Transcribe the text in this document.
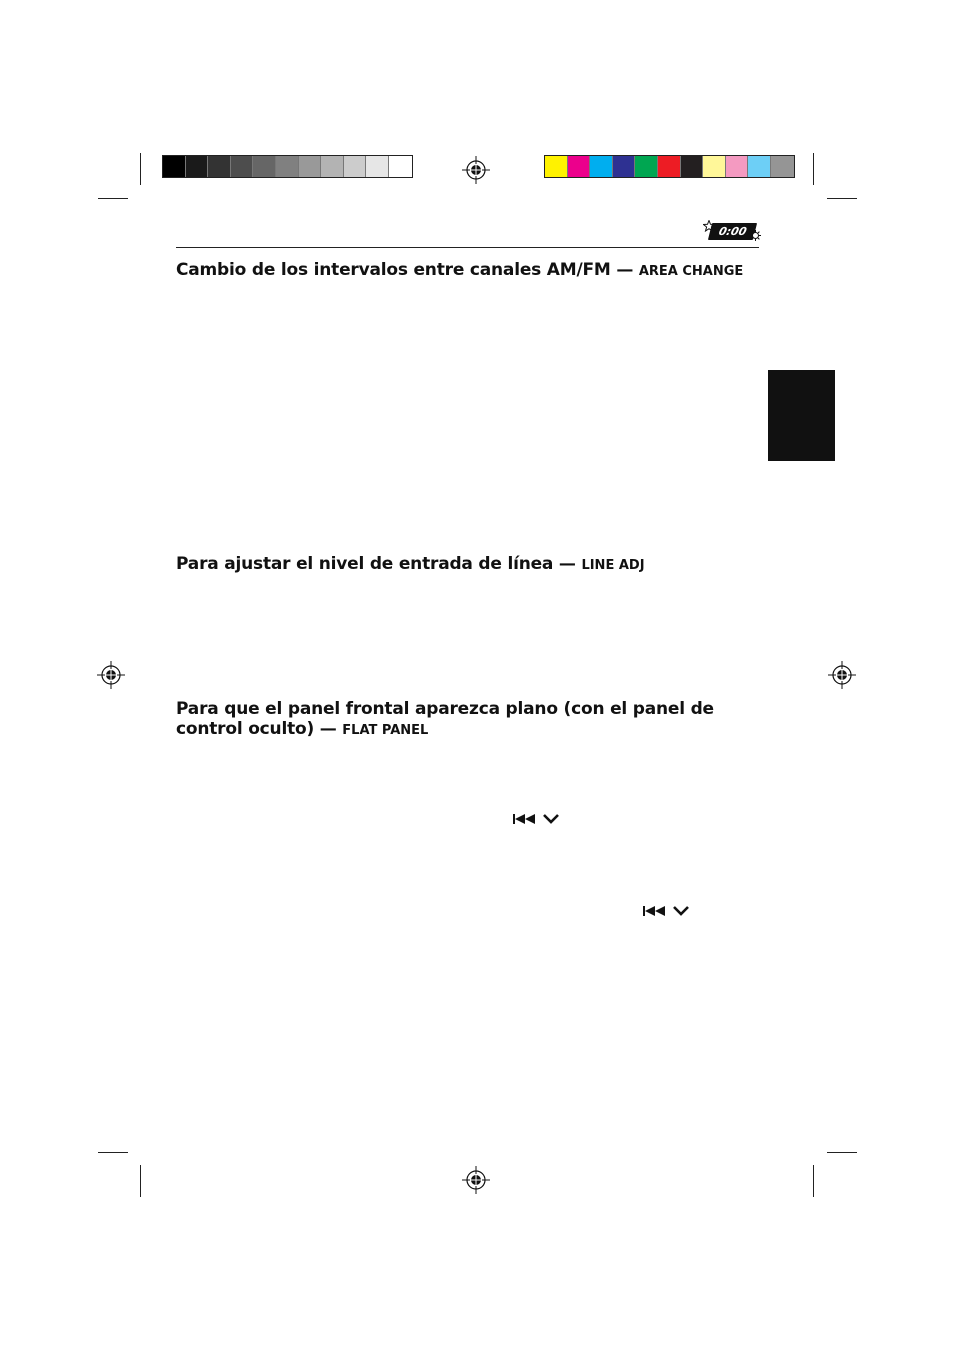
0:00
Cambio de los intervalos entre canales AM/FM — AREA CHANGE
Para ajustar el nivel de entrada de línea — LINE ADJ
Para que el panel frontal aparezca plano (con el panel de
control oculto) — FLAT PANEL
